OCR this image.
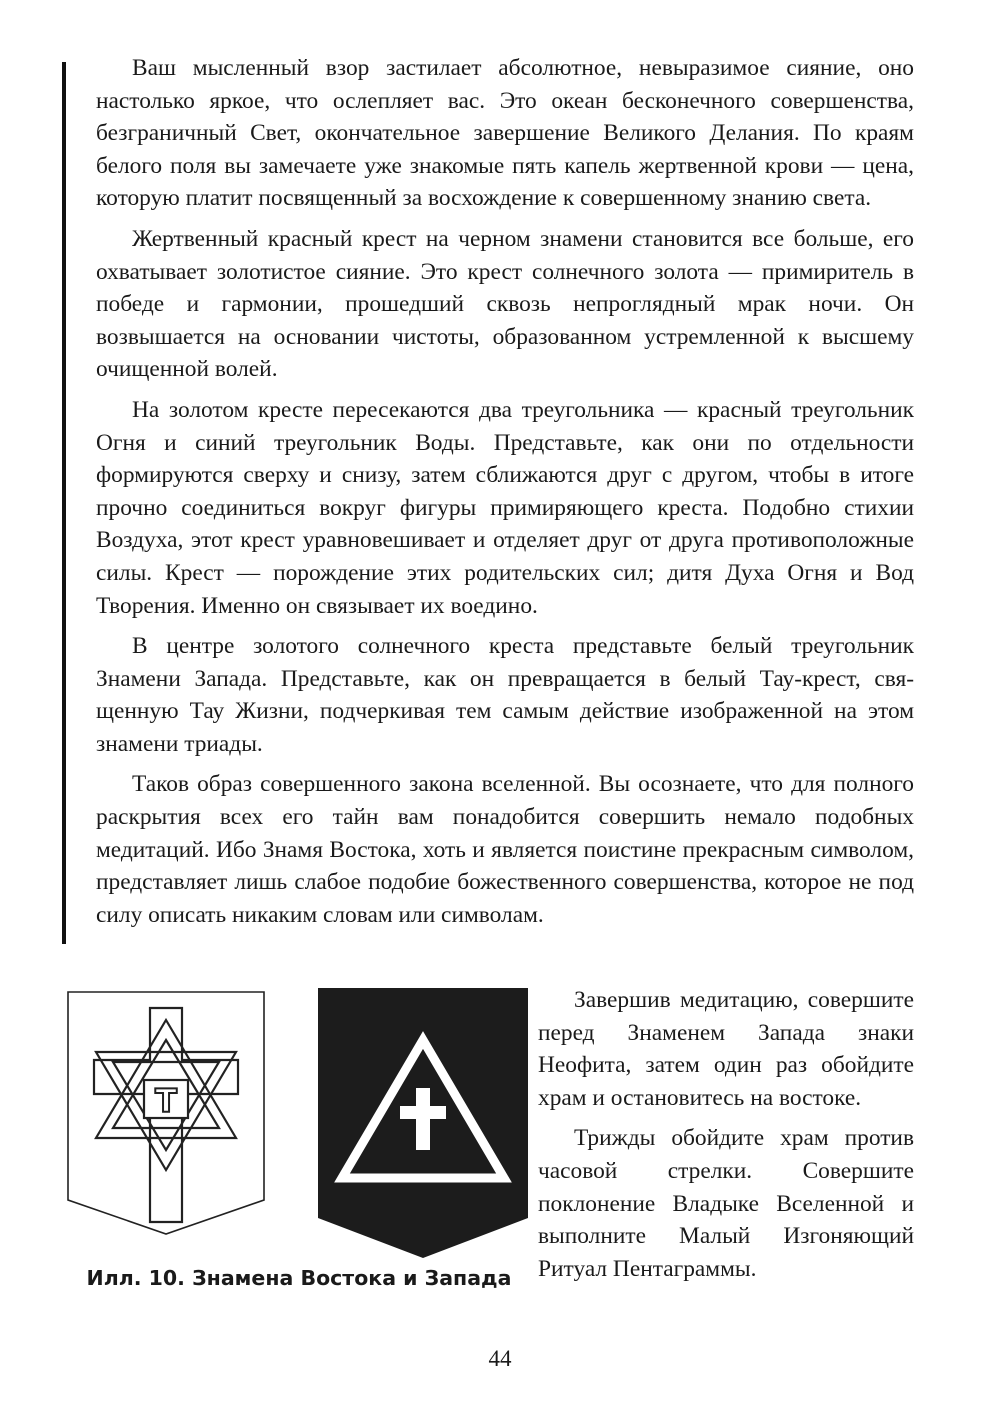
Ваш мысленный взор застилает абсолютное, невыразимое сияние, оно настолько яркое, что ослепляет вас. Это океан бесконечного совершенства, безграничный Свет, окончательное завершение Великого Делания. По краям белого поля вы замечаете уже знакомые пять капель жертвенной крови — цена, которую платит посвященный за восхождение к совершенному знанию света.

Жертвенный красный крест на черном знамени становится все больше, его охватывает золотистое сияние. Это крест солнечного золота — примиритель в победе и гармонии, прошедший сквозь непроглядный мрак ночи. Он возвышается на основании чистоты, образованном устремленной к высшему очищенной волей.

На золотом кресте пересекаются два треугольника — красный треугольник Огня и синий треугольник Воды. Представьте, как они по отдельности формируются сверху и снизу, затем сближаются друг с другом, чтобы в итоге прочно соединиться вокруг фигуры примиряющего креста. Подобно стихии Воздуха, этот крест уравновешивает и отделяет друг от друга противоположные силы. Крест — порождение этих родительских сил; дитя Духа Огня и Вод Творения. Именно он связывает их воедино.

В центре золотого солнечного креста представьте белый треугольник Знамени Запада. Представьте, как он превращается в белый Тау-крест, священную Тау Жизни, подчеркивая тем самым действие изображенной на этом знамени триады.

Таков образ совершенного закона вселенной. Вы осознаете, что для полного раскрытия всех его тайн вам понадобится совершить немало подобных медитаций. Ибо Знамя Востока, хоть и является поистине прекрасным символом, представляет лишь слабое подобие божественного совершенства, которое не под силу описать никаким словам или символам.

T
Илл. 10. Знамена Востока и Запада

Завершив медитацию, совершите перед Знаменем Запада знаки Неофита, затем один раз обойдите храм и остановитесь на востоке.

Трижды обойдите храм против часовой стрелки. Совершите поклонение Владыке Вселенной и выполните Малый Изгоняющий Ритуал Пентаграммы.

44
